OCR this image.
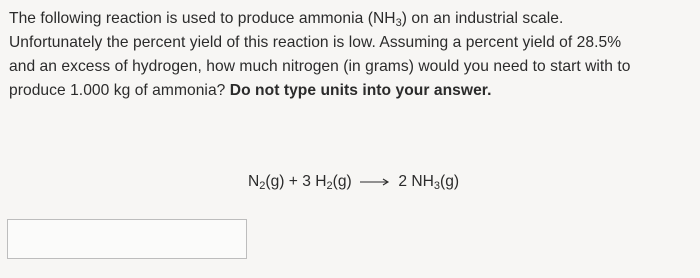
The following reaction is used to produce ammonia $(NH_3)$ on an industrial scale.
Unfortunately the percent yield of this reaction is low. Assuming a percent yield of 28.5%
and an excess of hydrogen, how much nitrogen (in grams) would you need to start with to
produce 1.000 kg of ammonia? Do not type units into your answer.
$N_2(g) + 3$ $H_2(g) \to 2$ $NH_3(g)$
